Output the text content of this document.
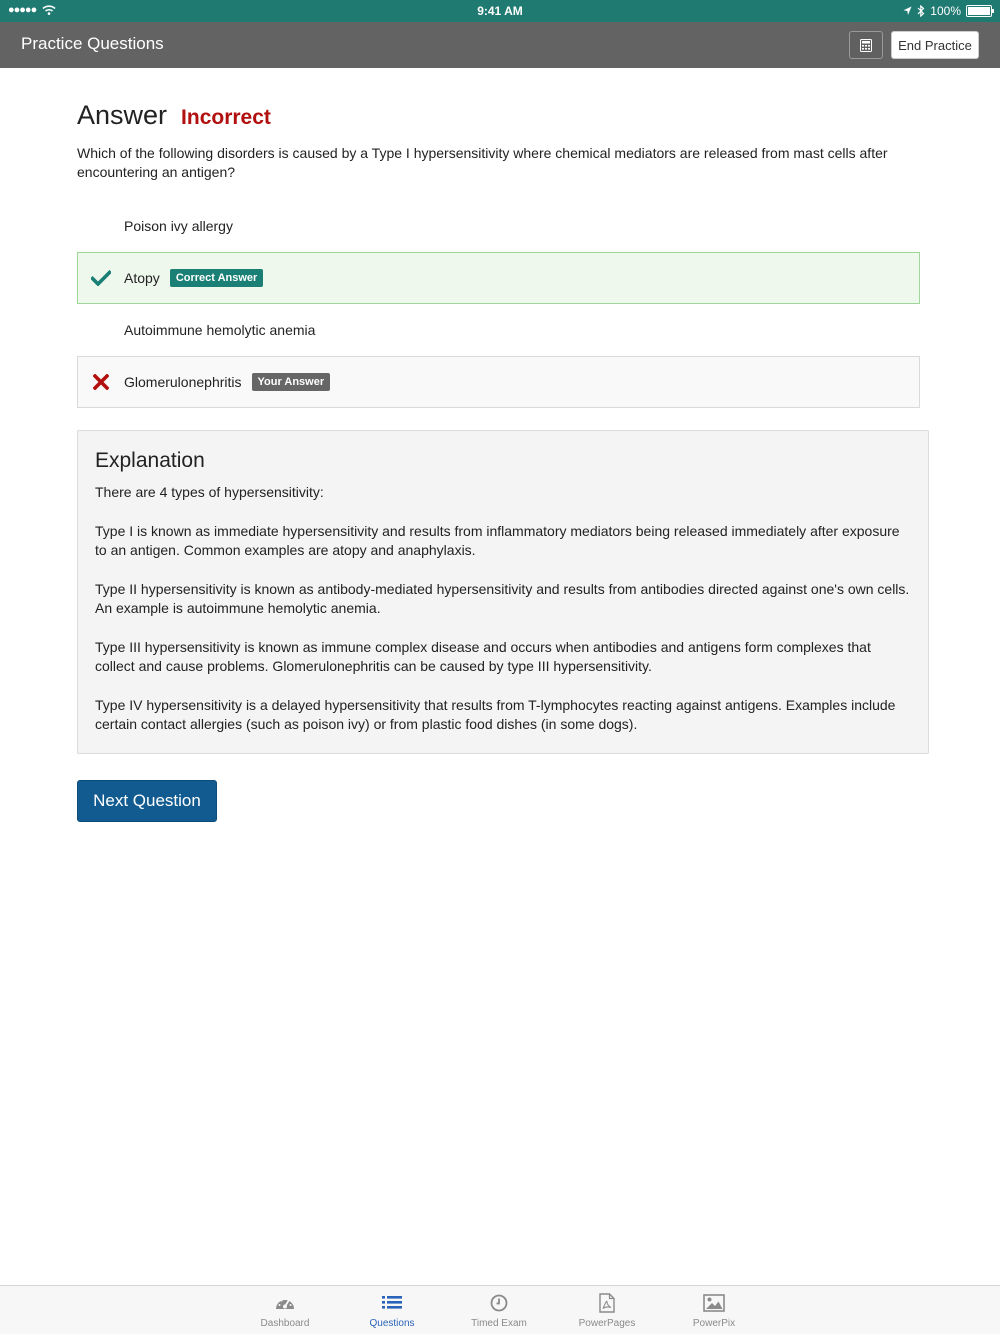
●●●●●	9:41 AM	100%
Practice Questions	End Practice
Answer Incorrect
Which of the following disorders is caused by a Type I hypersensitivity where chemical mediators are released from mast cells after encountering an antigen?
Poison ivy allergy
Atopy	Correct Answer
Autoimmune hemolytic anemia
Glomerulonephritis	Your Answer
Explanation

There are 4 types of hypersensitivity:

Type I is known as immediate hypersensitivity and results from inflammatory mediators being released immediately after exposure to an antigen. Common examples are atopy and anaphylaxis.

Type II hypersensitivity is known as antibody-mediated hypersensitivity and results from antibodies directed against one's own cells. An example is autoimmune hemolytic anemia.

Type III hypersensitivity is known as immune complex disease and occurs when antibodies and antigens form complexes that collect and cause problems. Glomerulonephritis can be caused by type III hypersensitivity.

Type IV hypersensitivity is a delayed hypersensitivity that results from T-lymphocytes reacting against antigens. Examples include certain contact allergies (such as poison ivy) or from plastic food dishes (in some dogs).

Next Question
Dashboard	Questions	Timed Exam	PowerPages	PowerPix
